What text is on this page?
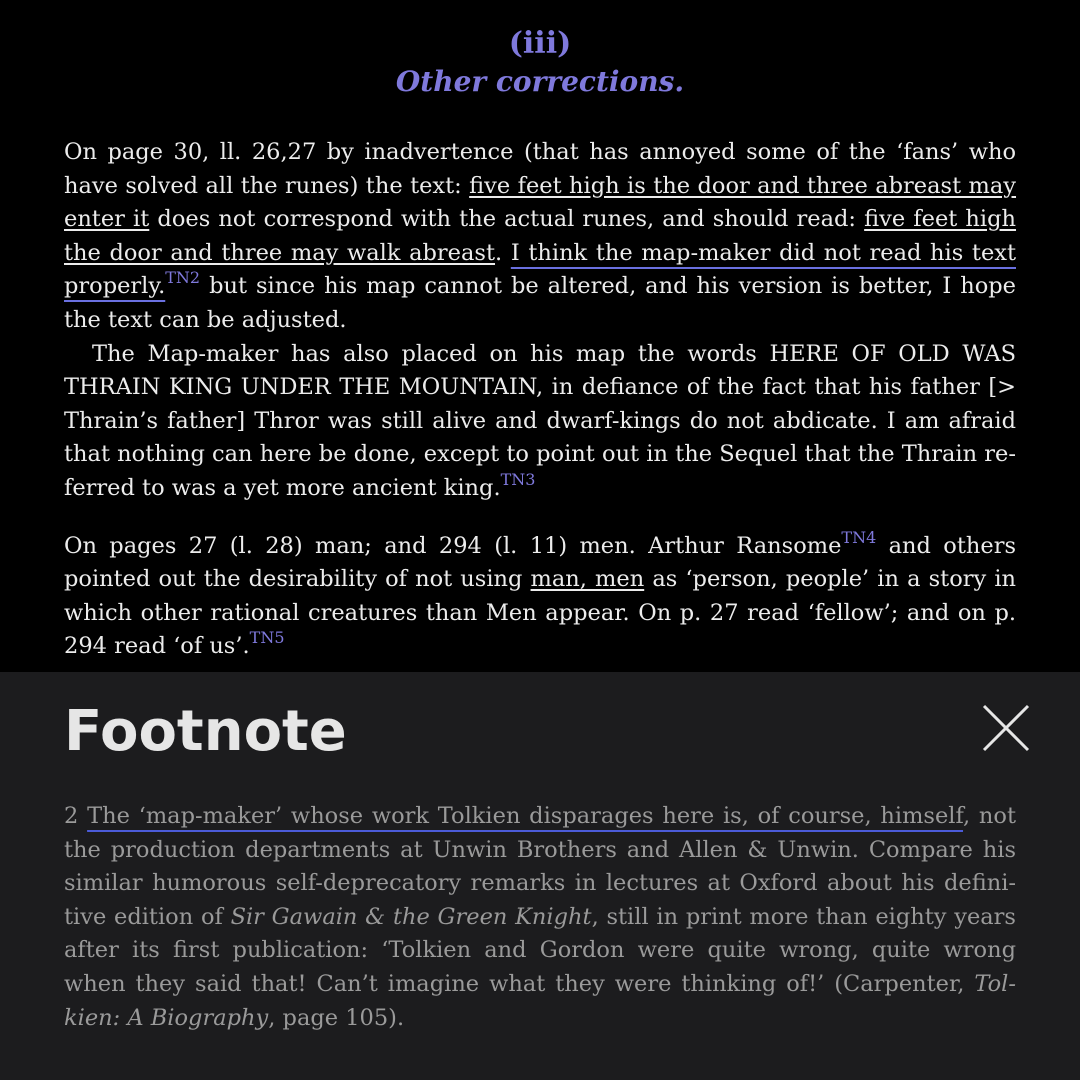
(iii)
Other corrections.

On page 30, ll. 26,27 by inadvertence (that has annoyed some of the ‘fans’ who have solved all the runes) the text: five feet high is the door and three abreast may enter it does not correspond with the actual runes, and should read: five feet high the door and three may walk abreast. I think the map-maker did not read his text properly.$^{TN2}$ but since his map cannot be altered, and his version is better, I hope the text can be adjusted.

The Map-maker has also placed on his map the words HERE OF OLD WAS THRAIN KING UNDER THE MOUNTAIN, in defiance of the fact that his father [> Thrain’s father] Thror was still alive and dwarf-kings do not abdicate. I am afraid that nothing can here be done, except to point out in the Sequel that the Thrain referred to was a yet more ancient king.$^{TN3}$

On pages 27 (l. 28) man; and 294 (l. 11) men. Arthur Ransome$^{TN4}$ and others pointed out the desirability of not using man, men as ‘person, people’ in a story in which other rational creatures than Men appear. On p. 27 read ‘fellow’; and on p. 294 read ‘of us’.$^{TN5}$

Footnote
2 The ‘map-maker’ whose work Tolkien disparages here is, of course, himself, not the production departments at Unwin Brothers and Allen & Unwin. Compare his similar humorous self-deprecatory remarks in lectures at Oxford about his definitive edition of Sir Gawain & the Green Knight, still in print more than eighty years after its first publication: ‘Tolkien and Gordon were quite wrong, quite wrong when they said that! Can’t imagine what they were thinking of!’ (Carpenter, Tolkien: A Biography, page 105).
